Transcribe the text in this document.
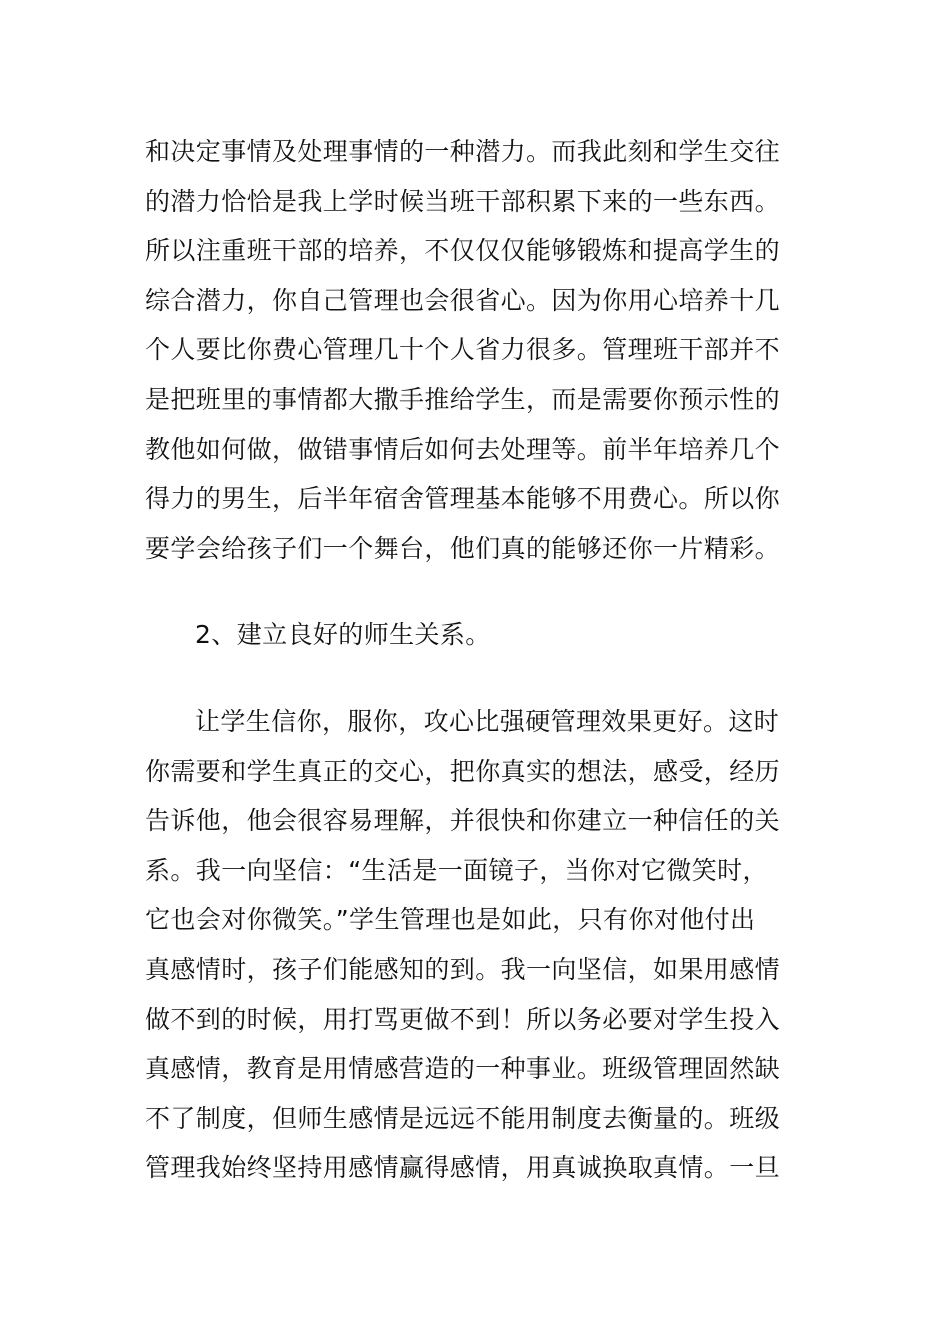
和决定事情及处理事情的一种潜力。而我此刻和学生交往
的潜力恰恰是我上学时候当班干部积累下来的一些东西。
所以注重班干部的培养，不仅仅仅能够锻炼和提高学生的
综合潜力，你自己管理也会很省心。因为你用心培养十几
个人要比你费心管理几十个人省力很多。管理班干部并不
是把班里的事情都大撒手推给学生，而是需要你预示性的
教他如何做，做错事情后如何去处理等。前半年培养几个
得力的男生，后半年宿舍管理基本能够不用费心。所以你
要学会给孩子们一个舞台，他们真的能够还你一片精彩。
2、建立良好的师生关系。
让学生信你，服你，攻心比强硬管理效果更好。这时
你需要和学生真正的交心，把你真实的想法，感受，经历
告诉他，他会很容易理解，并很快和你建立一种信任的关
系。我一向坚信：“生活是一面镜子，当你对它微笑时，
它也会对你微笑。”学生管理也是如此，只有你对他付出
真感情时，孩子们能感知的到。我一向坚信，如果用感情
做不到的时候，用打骂更做不到！所以务必要对学生投入
真感情，教育是用情感营造的一种事业。班级管理固然缺
不了制度，但师生感情是远远不能用制度去衡量的。班级
管理我始终坚持用感情赢得感情，用真诚换取真情。一旦
